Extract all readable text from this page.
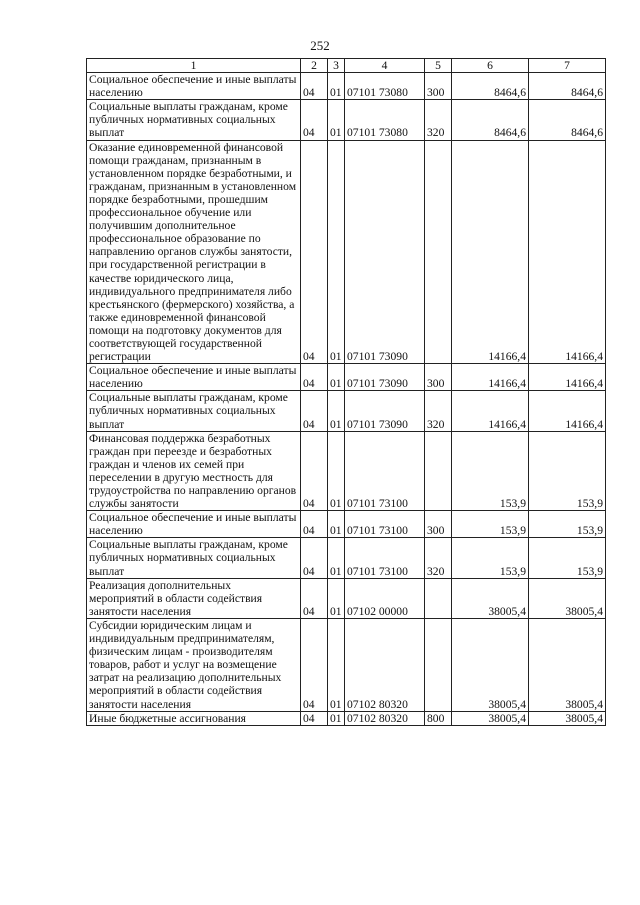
252
1	2	3	4	5	6	7
Социальное обеспечение и иные выплаты населению	04	01	07101 73080	300	8464,6	8464,6
Социальные выплаты гражданам, кроме публичных нормативных социальных выплат	04	01	07101 73080	320	8464,6	8464,6
Оказание единовременной финансовой помощи гражданам, признанным в установленном порядке безработными, и гражданам, признанным в установленном порядке безработными, прошедшим профессиональное обучение или получившим дополнительное профессиональное образование по направлению органов службы занятости, при государственной регистрации в качестве юридического лица, индивидуального предпринимателя либо крестьянского (фермерского) хозяйства, а также единовременной финансовой помощи на подготовку документов для соответствующей государственной регистрации	04	01	07101 73090		14166,4	14166,4
Социальное обеспечение и иные выплаты населению	04	01	07101 73090	300	14166,4	14166,4
Социальные выплаты гражданам, кроме публичных нормативных социальных выплат	04	01	07101 73090	320	14166,4	14166,4
Финансовая поддержка безработных граждан при переезде и безработных граждан и членов их семей при переселении в другую местность для трудоустройства по направлению органов службы занятости	04	01	07101 73100		153,9	153,9
Социальное обеспечение и иные выплаты населению	04	01	07101 73100	300	153,9	153,9
Социальные выплаты гражданам, кроме публичных нормативных социальных выплат	04	01	07101 73100	320	153,9	153,9
Реализация дополнительных мероприятий в области содействия занятости населения	04	01	07102 00000		38005,4	38005,4
Субсидии юридическим лицам и индивидуальным предпринимателям, физическим лицам - производителям товаров, работ и услуг на возмещение затрат на реализацию дополнительных мероприятий в области содействия занятости населения	04	01	07102 80320		38005,4	38005,4
Иные бюджетные ассигнования	04	01	07102 80320	800	38005,4	38005,4
